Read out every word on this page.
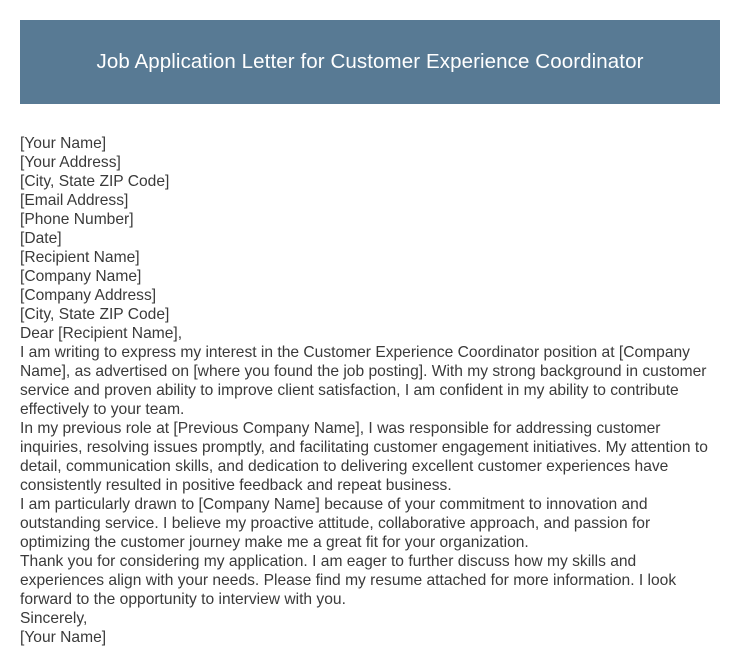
Job Application Letter for Customer Experience Coordinator

[Your Name]

[Your Address]

[City, State ZIP Code]

[Email Address]

[Phone Number]

[Date]

[Recipient Name]

[Company Name]

[Company Address]

[City, State ZIP Code]

Dear [Recipient Name],

I am writing to express my interest in the Customer Experience Coordinator position at [Company Name], as advertised on [where you found the job posting]. With my strong background in customer service and proven ability to improve client satisfaction, I am confident in my ability to contribute effectively to your team.

In my previous role at [Previous Company Name], I was responsible for addressing customer inquiries, resolving issues promptly, and facilitating customer engagement initiatives. My attention to detail, communication skills, and dedication to delivering excellent customer experiences have consistently resulted in positive feedback and repeat business.

I am particularly drawn to [Company Name] because of your commitment to innovation and outstanding service. I believe my proactive attitude, collaborative approach, and passion for optimizing the customer journey make me a great fit for your organization.

Thank you for considering my application. I am eager to further discuss how my skills and experiences align with your needs. Please find my resume attached for more information. I look forward to the opportunity to interview with you.

Sincerely,

[Your Name]
